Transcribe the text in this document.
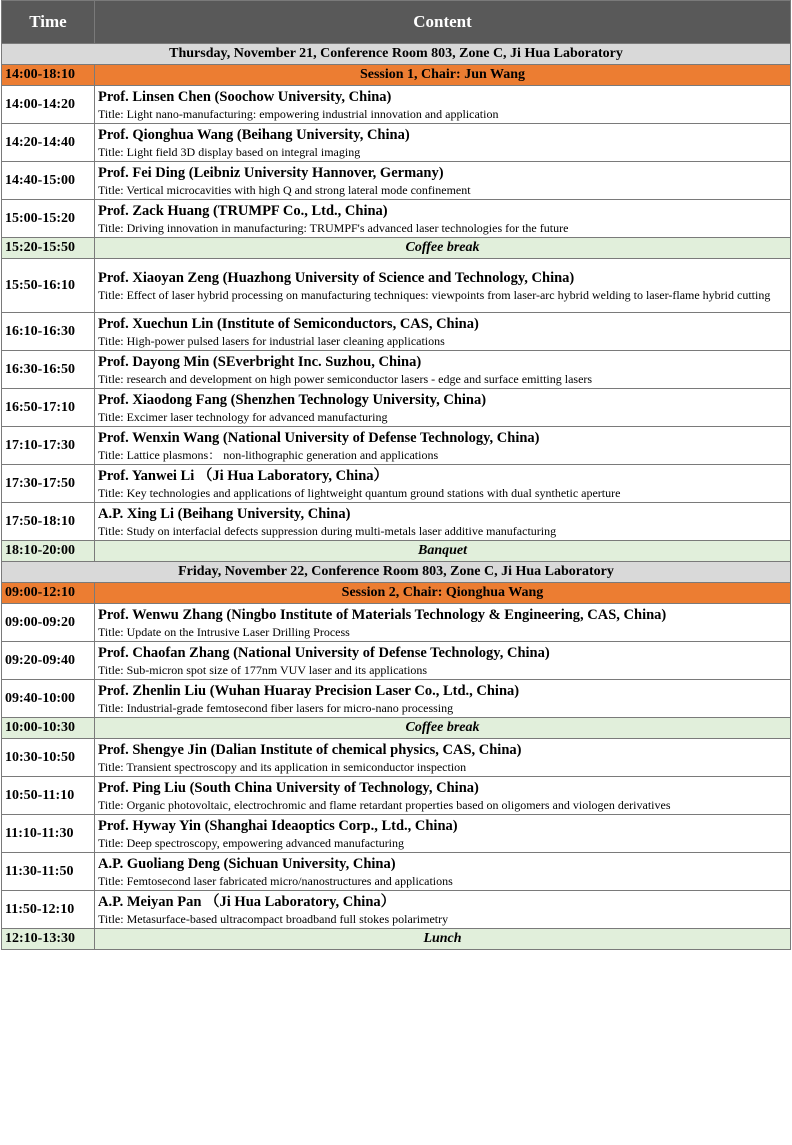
Time	Content
Thursday, November 21, Conference Room 803, Zone C, Ji Hua Laboratory	
14:00-18:10	Session 1, Chair: Jun Wang
14:00-14:20	Prof. Linsen Chen (Soochow University, China)
Title: Light nano-manufacturing: empowering industrial innovation and application

14:20-14:40	Prof. Qionghua Wang (Beihang University, China)
Title: Light field 3D display based on integral imaging

14:40-15:00	Prof. Fei Ding (Leibniz University Hannover, Germany)
Title: Vertical microcavities with high Q and strong lateral mode confinement

15:00-15:20	Prof. Zack Huang (TRUMPF Co., Ltd., China)
Title: Driving innovation in manufacturing: TRUMPF's advanced laser technologies for the future

15:20-15:50	Coffee break
15:50-16:10	Prof. Xiaoyan Zeng (Huazhong University of Science and Technology, China)
Title: Effect of laser hybrid processing on manufacturing techniques: viewpoints from laser-arc hybrid welding to laser-flame hybrid cutting

16:10-16:30	Prof. Xuechun Lin (Institute of Semiconductors, CAS, China)
Title: High-power pulsed lasers for industrial laser cleaning applications

16:30-16:50	Prof. Dayong Min (SEverbright Inc. Suzhou, China)
Title: research and development on high power semiconductor lasers - edge and surface emitting lasers

16:50-17:10	Prof. Xiaodong Fang (Shenzhen Technology University, China)
Title: Excimer laser technology for advanced manufacturing

17:10-17:30	Prof. Wenxin Wang (National University of Defense Technology, China)
Title: Lattice plasmons： non-lithographic generation and applications

17:30-17:50	Prof. Yanwei Li （Ji Hua Laboratory, China）
Title: Key technologies and applications of lightweight quantum ground stations with dual synthetic aperture

17:50-18:10	A.P. Xing Li (Beihang University, China)
Title: Study on interfacial defects suppression during multi-metals laser additive manufacturing

18:10-20:00	Banquet
Friday, November 22, Conference Room 803, Zone C, Ji Hua Laboratory	
09:00-12:10	Session 2, Chair: Qionghua Wang
09:00-09:20	Prof. Wenwu Zhang (Ningbo Institute of Materials Technology & Engineering, CAS, China)
Title: Update on the Intrusive Laser Drilling Process

09:20-09:40	Prof. Chaofan Zhang (National University of Defense Technology, China)
Title: Sub-micron spot size of 177nm VUV laser and its applications

09:40-10:00	Prof. Zhenlin Liu (Wuhan Huaray Precision Laser Co., Ltd., China)
Title: Industrial-grade femtosecond fiber lasers for micro-nano processing

10:00-10:30	Coffee break
10:30-10:50	Prof. Shengye Jin (Dalian Institute of chemical physics, CAS, China)
Title: Transient spectroscopy and its application in semiconductor inspection

10:50-11:10	Prof. Ping Liu (South China University of Technology, China)
Title: Organic photovoltaic, electrochromic and flame retardant properties based on oligomers and viologen derivatives

11:10-11:30	Prof. Hyway Yin (Shanghai Ideaoptics Corp., Ltd., China)
Title: Deep spectroscopy, empowering advanced manufacturing

11:30-11:50	A.P. Guoliang Deng (Sichuan University, China)
Title: Femtosecond laser fabricated micro/nanostructures and applications

11:50-12:10	A.P. Meiyan Pan （Ji Hua Laboratory, China）
Title: Metasurface-based ultracompact broadband full stokes polarimetry

12:10-13:30	Lunch
